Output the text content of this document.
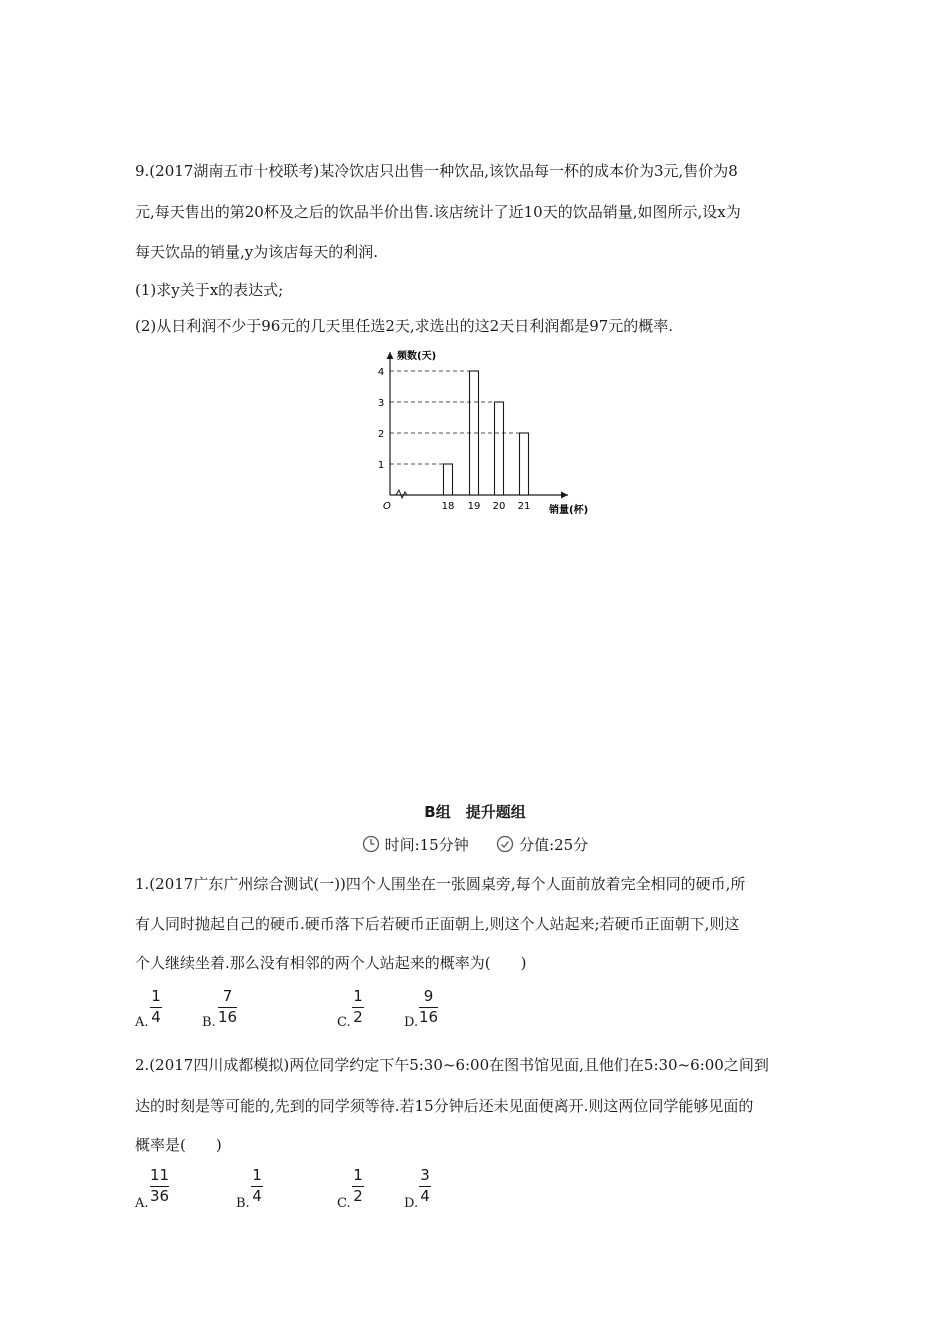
9.(2017湖南五市十校联考)某冷饮店只出售一种饮品,该饮品每一杯的成本价为3元,售价为8
元,每天售出的第20杯及之后的饮品半价出售.该店统计了近10天的饮品销量,如图所示,设x为
每天饮品的销量,y为该店每天的利润.
(1)求y关于x的表达式;
(2)从日利润不少于96元的几天里任选2天,求选出的这2天日利润都是97元的概率.
O
频数(天)
销量(杯)
1
2
3
4
18 19 20 21
B组　提升题组
时间:15分钟	分值:25分
1.(2017广东广州综合测试(一))四个人围坐在一张圆桌旁,每个人面前放着完全相同的硬币,所
有人同时抛起自己的硬币.硬币落下后若硬币正面朝上,则这个人站起来;若硬币正面朝下,则这
个人继续坐着.那么没有相邻的两个人站起来的概率为(　　)
A.
1
4	B.
7
16	C.
1
2	D.
9
16
2.(2017四川成都模拟)两位同学约定下午5:30~6:00在图书馆见面,且他们在5:30~6:00之间到
达的时刻是等可能的,先到的同学须等待.若15分钟后还未见面便离开.则这两位同学能够见面的
概率是(　　)
A.
11
36	B.
1
4	C.
1
2	D.
3
4
